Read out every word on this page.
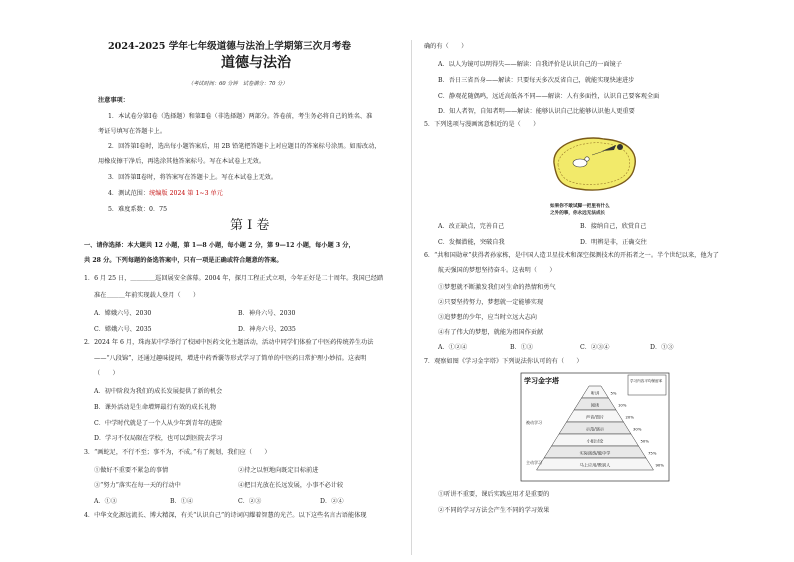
2024-2025 学年七年级道德与法治上学期第三次月考卷
道德与法治
（考试时间：60 分钟　试卷满分：70 分）
注意事项：
1．本试卷分第Ⅰ卷（选择题）和第Ⅱ卷（非选择题）两部分。答卷前，考生务必将自己的姓名、准
考证号填写在答题卡上。
2．回答第Ⅰ卷时，选出每小题答案后，用 2B 铅笔把答题卡上对应题目的答案标号涂黑。如需改动，
用橡皮擦干净后，再选涂其他答案标号。写在本试卷上无效。
3．回答第Ⅱ卷时，将答案写在答题卡上。写在本试卷上无效。
4．测试范围：统编版 2024 第 1~3 单元
5．难度系数：0．75
第 Ⅰ 卷
一、请你选择：本大题共 12 小题，第 1—8 小题，每小题 2 分，第 9—12 小题，每小题 3 分，
共 28 分。下列每题的备选答案中，只有一项是正确或符合题意的答案。
1．6 月 25 日，＿＿＿＿巡回展安全落幕。2004 年，探月工程正式立项，今年正好是二十周年。我国已经踏
准在＿＿＿年前实现载人登月（　　）
A．嫦娥六号、2030	B．神舟六号、2030
C．嫦娥六号、2035	D．神舟六号、2035
2．2024 年 6 月，珠海某中学举行了校园中医药文化主题活动，活动中同学们体验了中医药传统养生功法
——“八段锦”，还通过趣味提问，增进中药香囊等形式学习了简单的中医药日常护理小妙招。这表明
（　　）
A．初中阶段为我们的成长发展提供了新的机会
B．课外活动是生命增辉最行有效的成长礼物
C．中学时代就是了一个人从少年到青年的进阶
D．学习不仅局限在学校，也可以到医院去学习
3．“画蛇足，不行不至；事不为，不成。”有了规划，我们应（　　）
①做好不重要不紧急的事情	②持之以恒地向既定目标前进
③“努力”落实在每一天的行动中	④把目光放在长远发展，小事不必计较
A．①③	B．①④	C．②③	D．②④
4．中华文化源远流长、博大精深，有关“认识自己”的诗词闪耀着智慧的光芒。以下这些名言古语能体现
确的有（　　）
A．以人为镜可以明得失——解读：自我评价是认识自己的一面镜子
B．吾日三省吾身——解读：只要每天多次反省自己，就能实现快速进步
C．静观花随偶鸣，远近高低各不同——解读：人有多面性，认识自己要客观全面
D．知人者智，自知者明——解读：能够认识自己比能够认识他人更重要
5．下列选项与漫画寓意相近的是（　　）
如果你不敢试脚一把里有什么
之外的事，你永远无法成长
A．改正缺点，完善自己	B．接纳自己，欣赏自己
C．发掘潜能，突破自我	D．明辨是非，正确交往
6．“共和国勋章”获得者孙家栋，是中国人造卫星技术和深空探测技术的开拓者之一。半个世纪以来，他为了
航天强国的梦想坚持奋斗。这表明（　　）
①梦想就不断激发我们对生命的热情和勇气
②只要坚持努力，梦想就一定能够实现
③追梦想的少年，应当时立远大志向
④有了伟大的梦想，就能为祖国作贡献
A．①②④	B．①③	C．②③④	D．①③
7．观察如图《学习金字塔》下列说法你认可的有（　　）
学习金字塔	学习内容平均保留率
听讲	5%
阅读	10%
声音/图片	20%
示范/演示	30%
小组讨论	50%
实际演练/做中学	75%
马上应用/教别人	90%
被动学习
主动学习
①听讲不重要，课后实践应用才是重要的
②不同的学习方法会产生不同的学习效果
